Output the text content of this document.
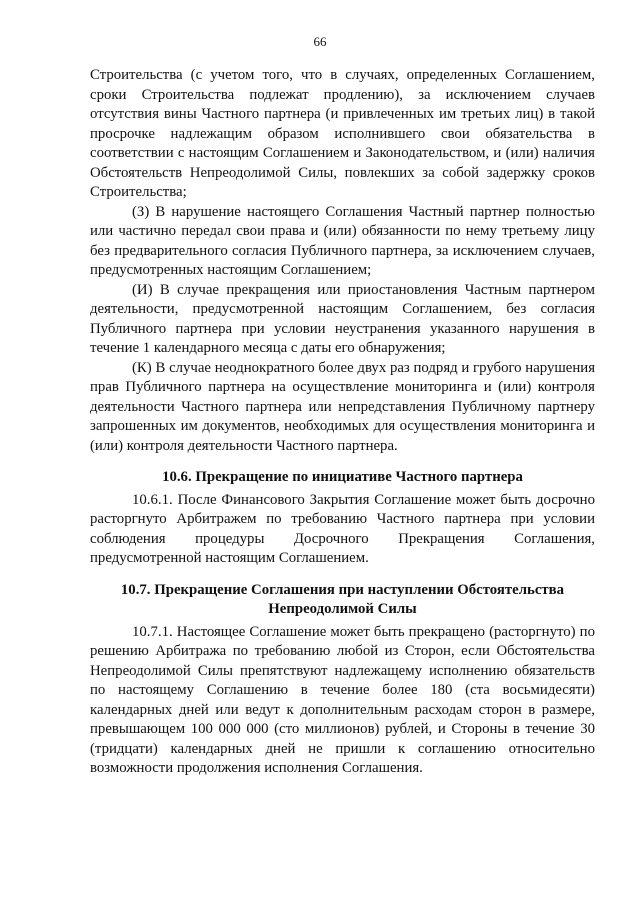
66

Строительства (с учетом того, что в случаях, определенных Соглашением, сроки Строительства подлежат продлению), за исключением случаев отсутствия вины Частного партнера (и привлеченных им третьих лиц) в такой просрочке надлежащим образом исполнившего свои обязательства в соответствии с настоящим Соглашением и Законодательством, и (или) наличия Обстоятельств Непреодолимой Силы, повлекших за собой задержку сроков Строительства;

(З) В нарушение настоящего Соглашения Частный партнер полностью или частично передал свои права и (или) обязанности по нему третьему лицу без предварительного согласия Публичного партнера, за исключением случаев, предусмотренных настоящим Соглашением;

(И) В случае прекращения или приостановления Частным партнером деятельности, предусмотренной настоящим Соглашением, без согласия Публичного партнера при условии неустранения указанного нарушения в течение 1 календарного месяца с даты его обнаружения;

(К) В случае неоднократного более двух раз подряд и грубого нарушения прав Публичного партнера на осуществление мониторинга и (или) контроля деятельности Частного партнера или непредставления Публичному партнеру запрошенных им документов, необходимых для осуществления мониторинга и (или) контроля деятельности Частного партнера.

10.6. Прекращение по инициативе Частного партнера

10.6.1. После Финансового Закрытия Соглашение может быть досрочно расторгнуто Арбитражем по требованию Частного партнера при условии соблюдения процедуры Досрочного Прекращения Соглашения, предусмотренной настоящим Соглашением.

10.7. Прекращение Соглашения при наступлении Обстоятельства
Непреодолимой Силы

10.7.1. Настоящее Соглашение может быть прекращено (расторгнуто) по решению Арбитража по требованию любой из Сторон, если Обстоятельства Непреодолимой Силы препятствуют надлежащему исполнению обязательств по настоящему Соглашению в течение более 180 (ста восьмидесяти) календарных дней или ведут к дополнительным расходам сторон в размере, превышающем 100 000 000 (сто миллионов) рублей, и Стороны в течение 30 (тридцати) календарных дней не пришли к соглашению относительно возможности продолжения исполнения Соглашения.
